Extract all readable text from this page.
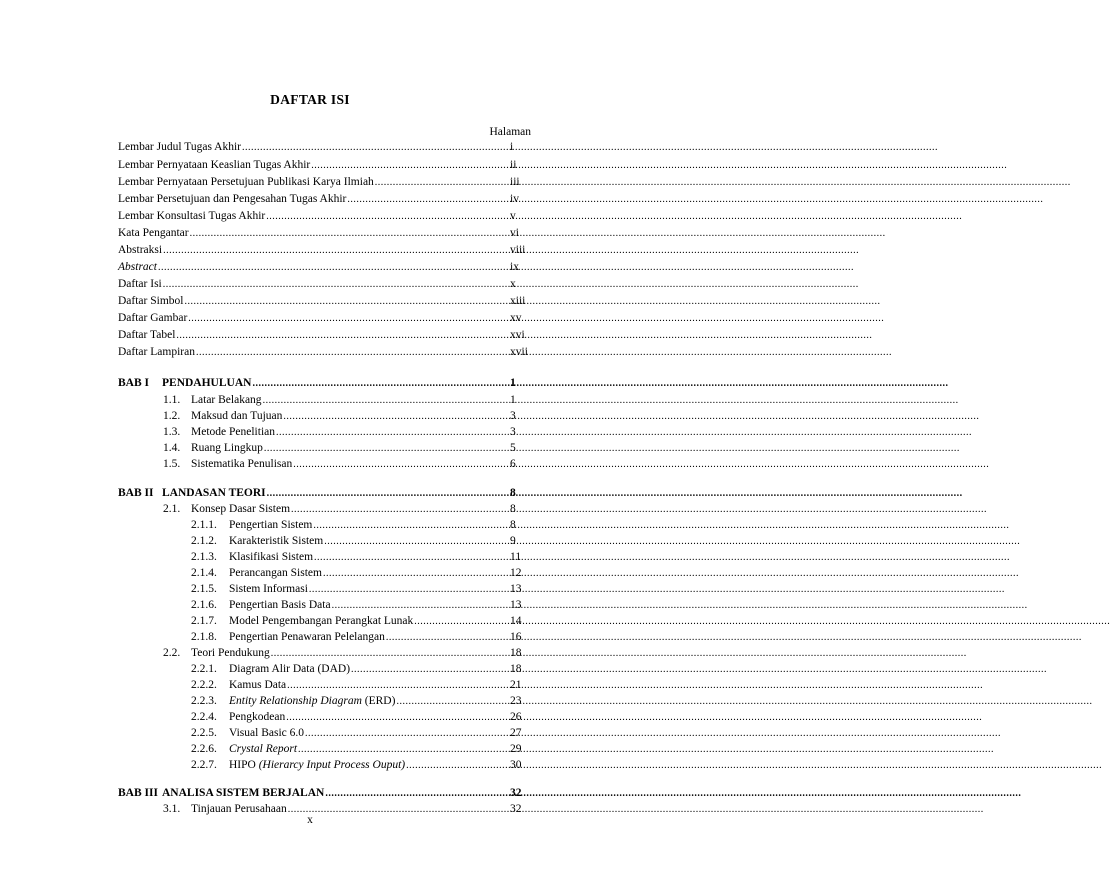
DAFTAR ISI
Halaman
Lembar Judul Tugas Akhir .....	i
Lembar Pernyataan Keaslian Tugas Akhir .....	ii
Lembar Pernyataan Persetujuan Publikasi Karya Ilmiah .....	iii
Lembar Persetujuan dan Pengesahan Tugas Akhir .....	iv
Lembar Konsultasi Tugas Akhir .....	v
Kata Pengantar .....	vi
Abstraksi .....	viii
Abstract .....	ix
Daftar Isi .....	x
Daftar Simbol .....	xiii
Daftar Gambar .....	xv
Daftar Tabel .....	xvi
Daftar Lampiran .....	xvii
BAB I	PENDAHULUAN .....	1
1.1. Latar Belakang .....	1
1.2. Maksud dan Tujuan .....	3
1.3. Metode Penelitian .....	3
1.4. Ruang Lingkup .....	5
1.5. Sistematika Penulisan .....	6
BAB II LANDASAN TEORI .....	8
2.1. Konsep Dasar Sistem .....	8
2.1.1.	Pengertian Sistem .....	8
2.1.2.	Karakteristik Sistem .....	9
2.1.3.	Klasifikasi Sistem .....	11
2.1.4.	Perancangan Sistem .....	12
2.1.5.	Sistem Informasi .....	13
2.1.6.	Pengertian Basis Data .....	13
2.1.7.	Model Pengembangan Perangkat Lunak .....	14
2.1.8.	Pengertian Penawaran Pelelangan .....	16
2.2. Teori Pendukung .....	18
2.2.1.	Diagram Alir Data (DAD) .....	18
2.2.2.	Kamus Data .....	21
2.2.3.	Entity Relationship Diagram (ERD) .....	23
2.2.4.	Pengkodean .....	26
2.2.5.	Visual Basic 6.0 .....	27
2.2.6.	Crystal Report .....	29
2.2.7.	HIPO (Hierarcy Input Process Ouput) .....	30
BAB III ANALISA SISTEM BERJALAN .....	32
3.1. Tinjauan Perusahaan .....	32
x
